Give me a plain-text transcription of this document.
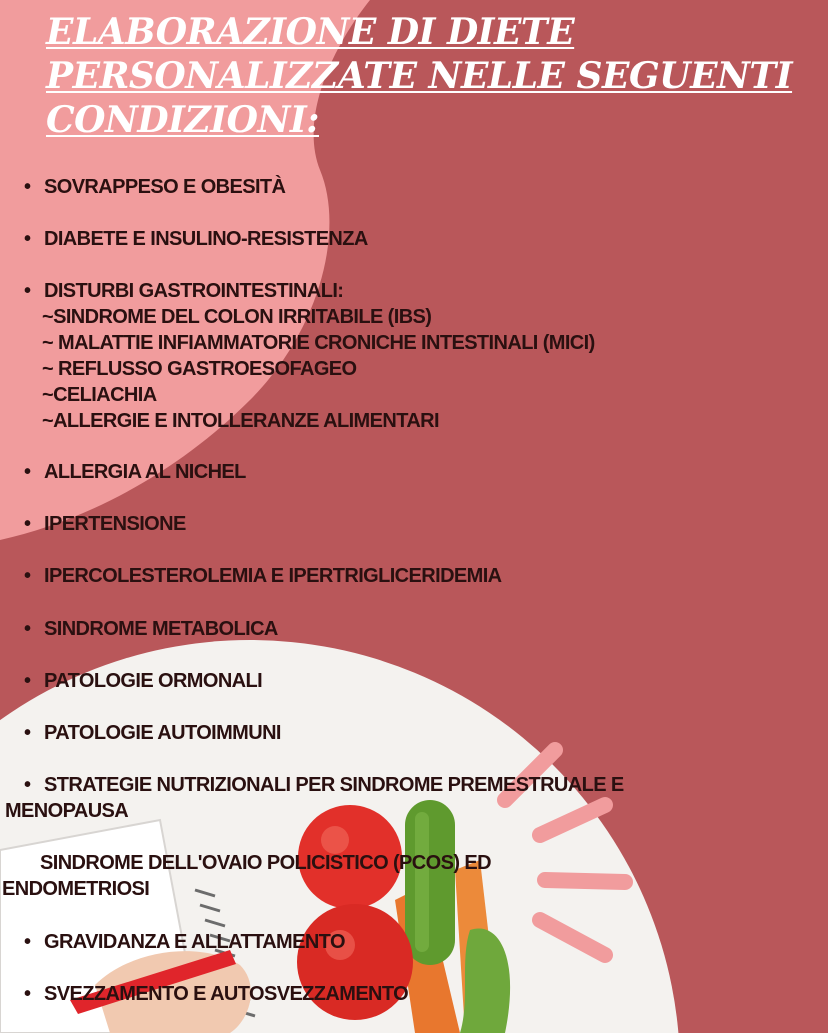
ELABORAZIONE DI DIETE PERSONALIZZATE NELLE SEGUENTI CONDIZIONI:
• SOVRAPPESO E OBESITÀ
• DIABETE E INSULINO-RESISTENZA
• DISTURBI GASTROINTESTINALI:
~SINDROME DEL COLON IRRITABILE (IBS)
~ MALATTIE INFIAMMATORIE CRONICHE INTESTINALI (MICI)
~ REFLUSSO GASTROESOFAGEO
~CELIACHIA
~ALLERGIE E INTOLLERANZE ALIMENTARI
• ALLERGIA AL NICHEL
• IPERTENSIONE
• IPERCOLESTEROLEMIA E IPERTRIGLICERIDEMIA
• SINDROME METABOLICA
• PATOLOGIE ORMONALI
• PATOLOGIE AUTOIMMUNI
• STRATEGIE NUTRIZIONALI PER SINDROME PREMESTRUALE E
MENOPAUSA
SINDROME DELL'OVAIO POLICISTICO (PCOS) ED
ENDOMETRIOSI
• GRAVIDANZA E ALLATTAMENTO
• SVEZZAMENTO E AUTOSVEZZAMENTO
